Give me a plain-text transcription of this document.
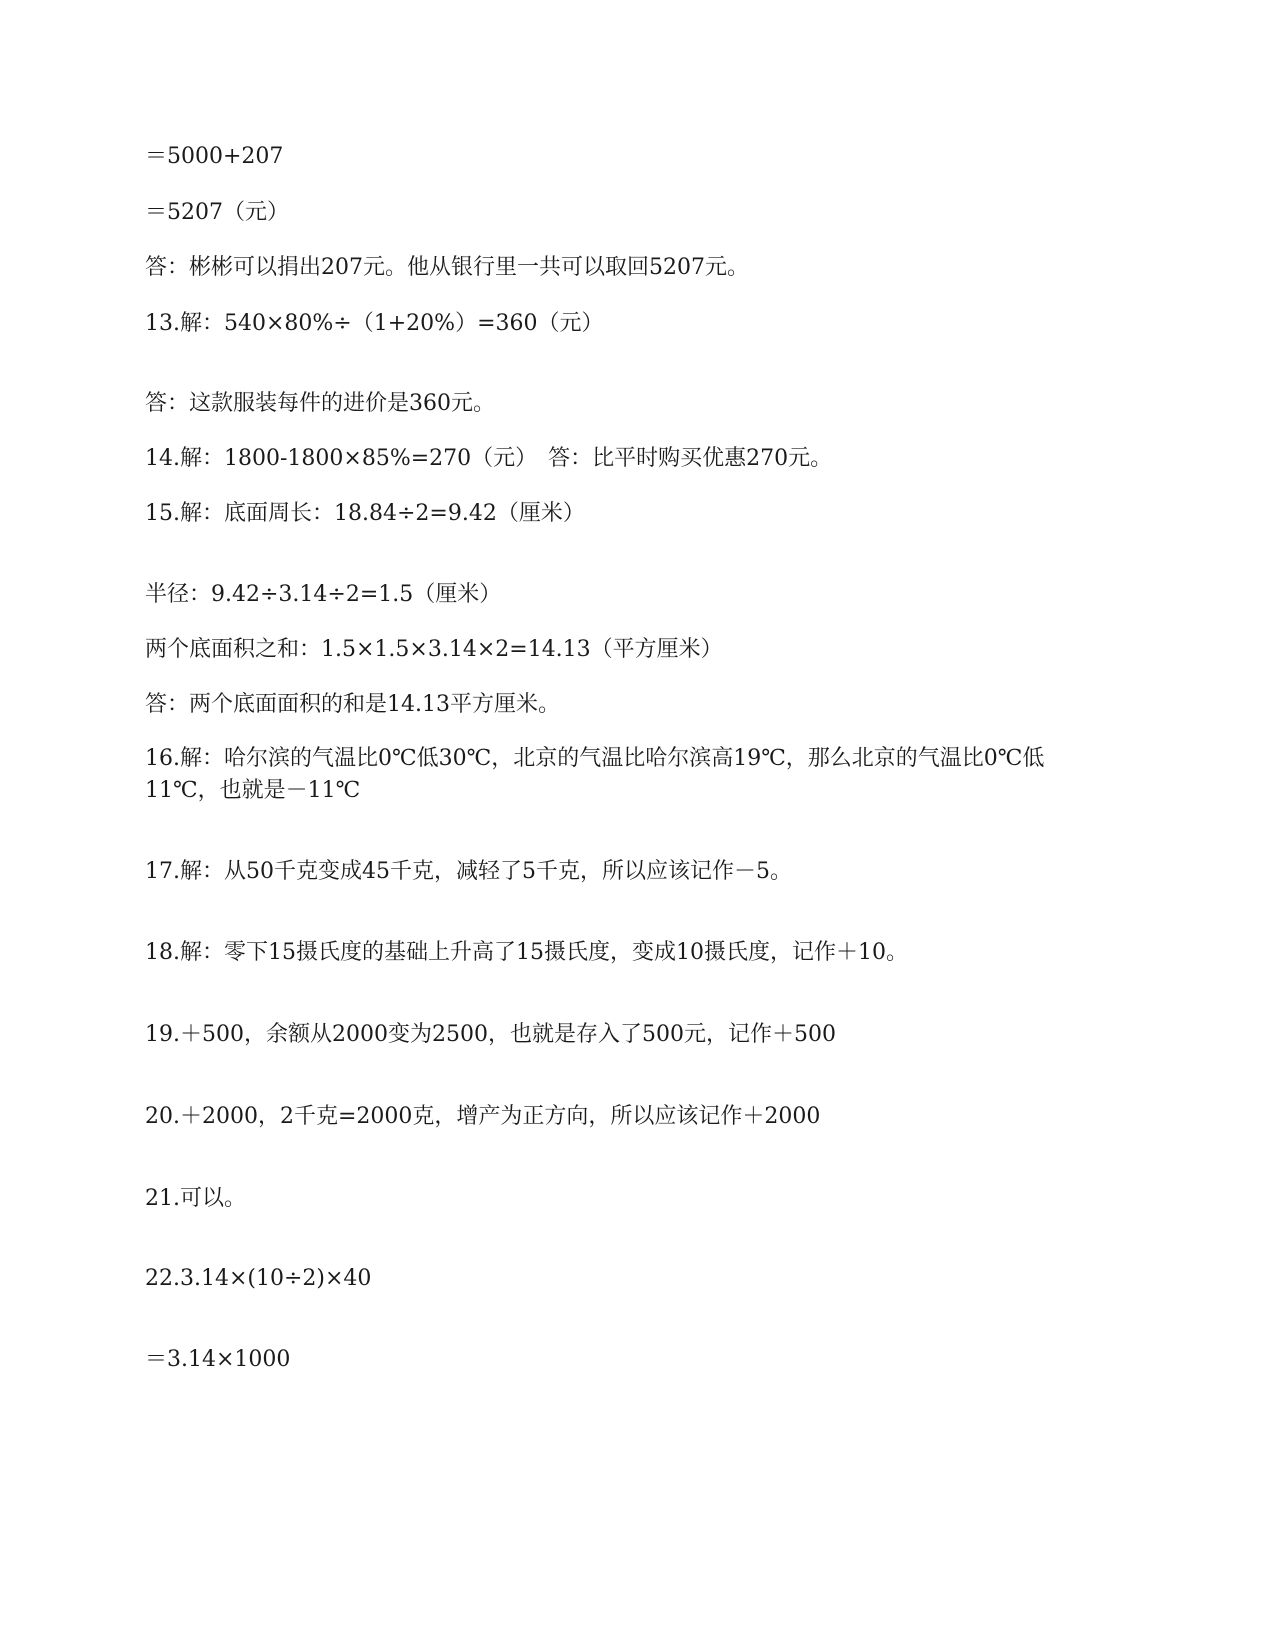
＝5000+207
＝5207（元）
答：彬彬可以捐出207元。他从银行里一共可以取回5207元。
13.解：540×80%÷（1+20%）=360（元）
答：这款服装每件的进价是360元。
14.解：1800-1800×85%=270（元）　答：比平时购买优惠270元。
15.解：底面周长：18.84÷2=9.42（厘米）
半径：9.42÷3.14÷2=1.5（厘米）
两个底面积之和：1.5×1.5×3.14×2=14.13（平方厘米）
答：两个底面面积的和是14.13平方厘米。
16.解：哈尔滨的气温比0℃低30℃，北京的气温比哈尔滨高19℃，那么北京的气温比0℃低
11℃，也就是－11℃
17.解：从50千克变成45千克，减轻了5千克，所以应该记作－5。
18.解：零下15摄氏度的基础上升高了15摄氏度，变成10摄氏度，记作＋10。
19.＋500，余额从2000变为2500，也就是存入了500元，记作＋500
20.＋2000，2千克=2000克，增产为正方向，所以应该记作＋2000
21.可以。
22.3.14×(10÷2)×40
＝3.14×1000
